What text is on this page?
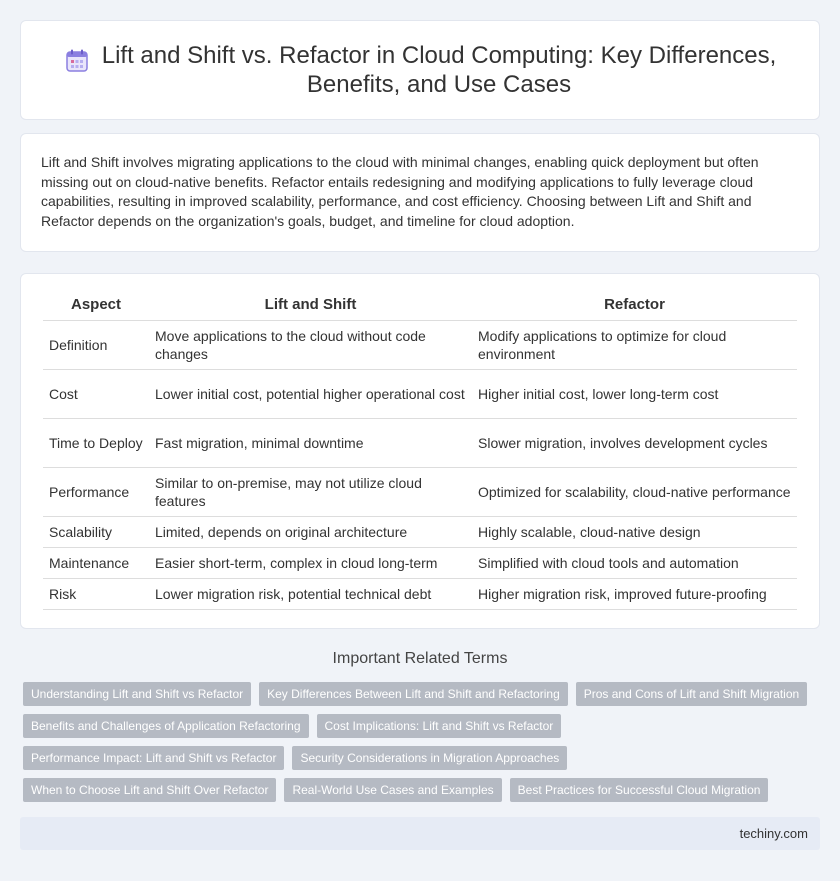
Lift and Shift vs. Refactor in Cloud Computing: Key Differences,
Benefits, and Use Cases

Lift and Shift involves migrating applications to the cloud with minimal changes, enabling quick deployment but often missing out on cloud-native benefits. Refactor entails redesigning and modifying applications to fully leverage cloud capabilities, resulting in improved scalability, performance, and cost efficiency. Choosing between Lift and Shift and Refactor depends on the organization's goals, budget, and timeline for cloud adoption.

Aspect	Lift and Shift	Refactor
Definition	Move applications to the cloud without code changes	Modify applications to optimize for cloud environment
Cost	Lower initial cost, potential higher operational cost	Higher initial cost, lower long-term cost
Time to Deploy	Fast migration, minimal downtime	Slower migration, involves development cycles
Performance	Similar to on-premise, may not utilize cloud features	Optimized for scalability, cloud-native performance
Scalability	Limited, depends on original architecture	Highly scalable, cloud-native design
Maintenance	Easier short-term, complex in cloud long-term	Simplified with cloud tools and automation
Risk	Lower migration risk, potential technical debt	Higher migration risk, improved future-proofing
Important Related Terms
Understanding Lift and Shift vs Refactor	Key Differences Between Lift and Shift and Refactoring	Pros and Cons of Lift and Shift Migration
Benefits and Challenges of Application Refactoring	Cost Implications: Lift and Shift vs Refactor
Performance Impact: Lift and Shift vs Refactor	Security Considerations in Migration Approaches
When to Choose Lift and Shift Over Refactor	Real-World Use Cases and Examples	Best Practices for Successful Cloud Migration
techiny.com
